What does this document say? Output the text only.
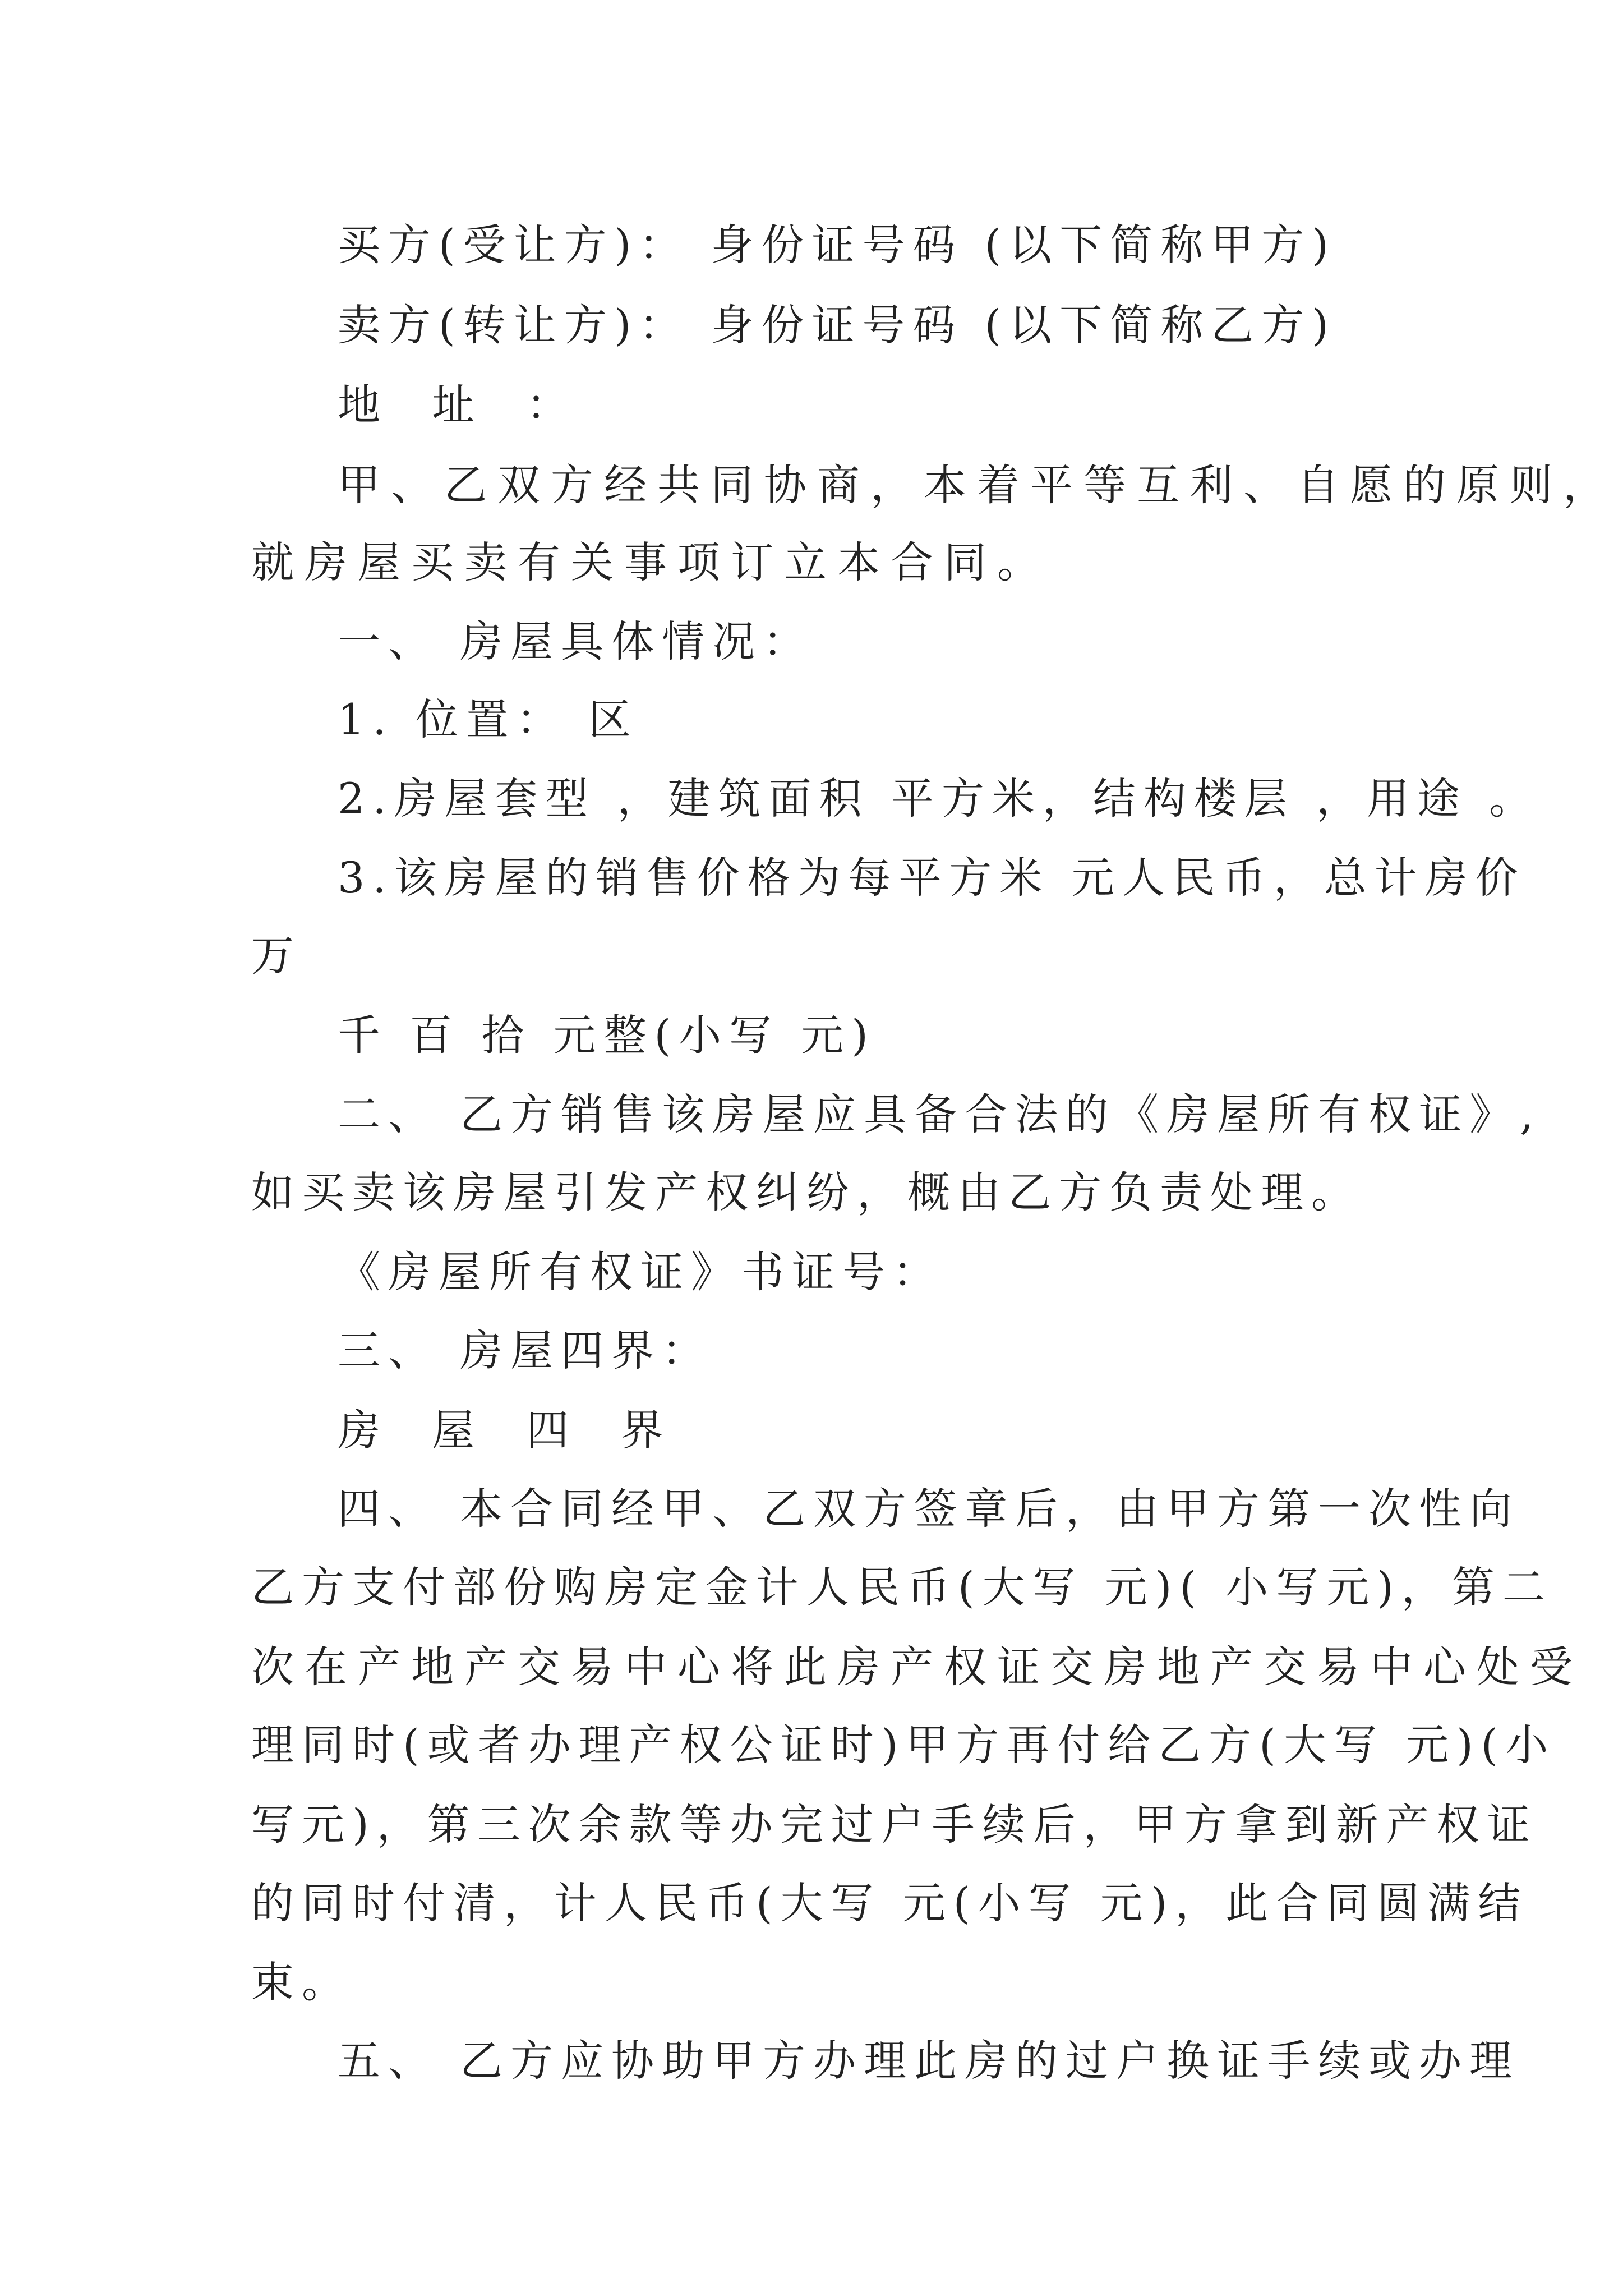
买方(受让方)： 身份证号码 (以下简称甲方)

卖方(转让方)： 身份证号码 (以下简称乙方)

地 址 ：

甲、乙双方经共同协商，本着平等互利、自愿的原则，

就房屋买卖有关事项订立本合同。

一、 房屋具体情况：

1. 位置： 区

2.房屋套型 ，建筑面积 平方米，结构楼层 ，用途 。

3.该房屋的销售价格为每平方米 元人民币，总计房价

万

千 百 拾 元整(小写 元)

二、 乙方销售该房屋应具备合法的《房屋所有权证》,

如买卖该房屋引发产权纠纷，概由乙方负责处理。

《房屋所有权证》书证号：

三、 房屋四界：

房 屋 四 界

四、 本合同经甲、乙双方签章后，由甲方第一次性向

乙方支付部份购房定金计人民币(大写 元)( 小写元)，第二

次在产地产交易中心将此房产权证交房地产交易中心处受

理同时(或者办理产权公证时)甲方再付给乙方(大写 元)(小

写元)，第三次余款等办完过户手续后，甲方拿到新产权证

的同时付清，计人民币(大写 元(小写 元)，此合同圆满结

束。

五、 乙方应协助甲方办理此房的过户换证手续或办理
